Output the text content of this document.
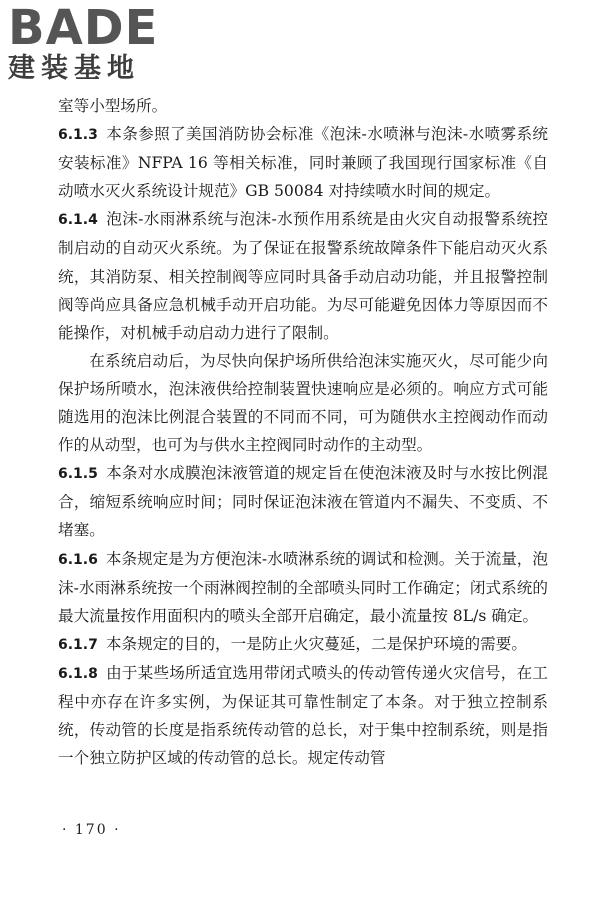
BADE
建装基地

室等小型场所。

6.1.3 本条参照了美国消防协会标准《泡沫-水喷淋与泡沫-水喷雾系统安装标准》NFPA 16 等相关标准，同时兼顾了我国现行国家标准《自动喷水灭火系统设计规范》GB 50084 对持续喷水时间的规定。

6.1.4 泡沫-水雨淋系统与泡沫-水预作用系统是由火灾自动报警系统控制启动的自动灭火系统。为了保证在报警系统故障条件下能启动灭火系统，其消防泵、相关控制阀等应同时具备手动启动功能，并且报警控制阀等尚应具备应急机械手动开启功能。为尽可能避免因体力等原因而不能操作，对机械手动启动力进行了限制。

在系统启动后，为尽快向保护场所供给泡沫实施灭火，尽可能少向保护场所喷水，泡沫液供给控制装置快速响应是必须的。响应方式可能随选用的泡沫比例混合装置的不同而不同，可为随供水主控阀动作而动作的从动型，也可为与供水主控阀同时动作的主动型。

6.1.5 本条对水成膜泡沫液管道的规定旨在使泡沫液及时与水按比例混合，缩短系统响应时间；同时保证泡沫液在管道内不漏失、不变质、不堵塞。

6.1.6 本条规定是为方便泡沫-水喷淋系统的调试和检测。关于流量，泡沫-水雨淋系统按一个雨淋阀控制的全部喷头同时工作确定；闭式系统的最大流量按作用面积内的喷头全部开启确定，最小流量按 8L/s 确定。

6.1.7 本条规定的目的，一是防止火灾蔓延，二是保护环境的需要。

6.1.8 由于某些场所适宜选用带闭式喷头的传动管传递火灾信号，在工程中亦存在许多实例，为保证其可靠性制定了本条。对于独立控制系统，传动管的长度是指系统传动管的总长，对于集中控制系统，则是指一个独立防护区域的传动管的总长。规定传动管

· 170 ·
